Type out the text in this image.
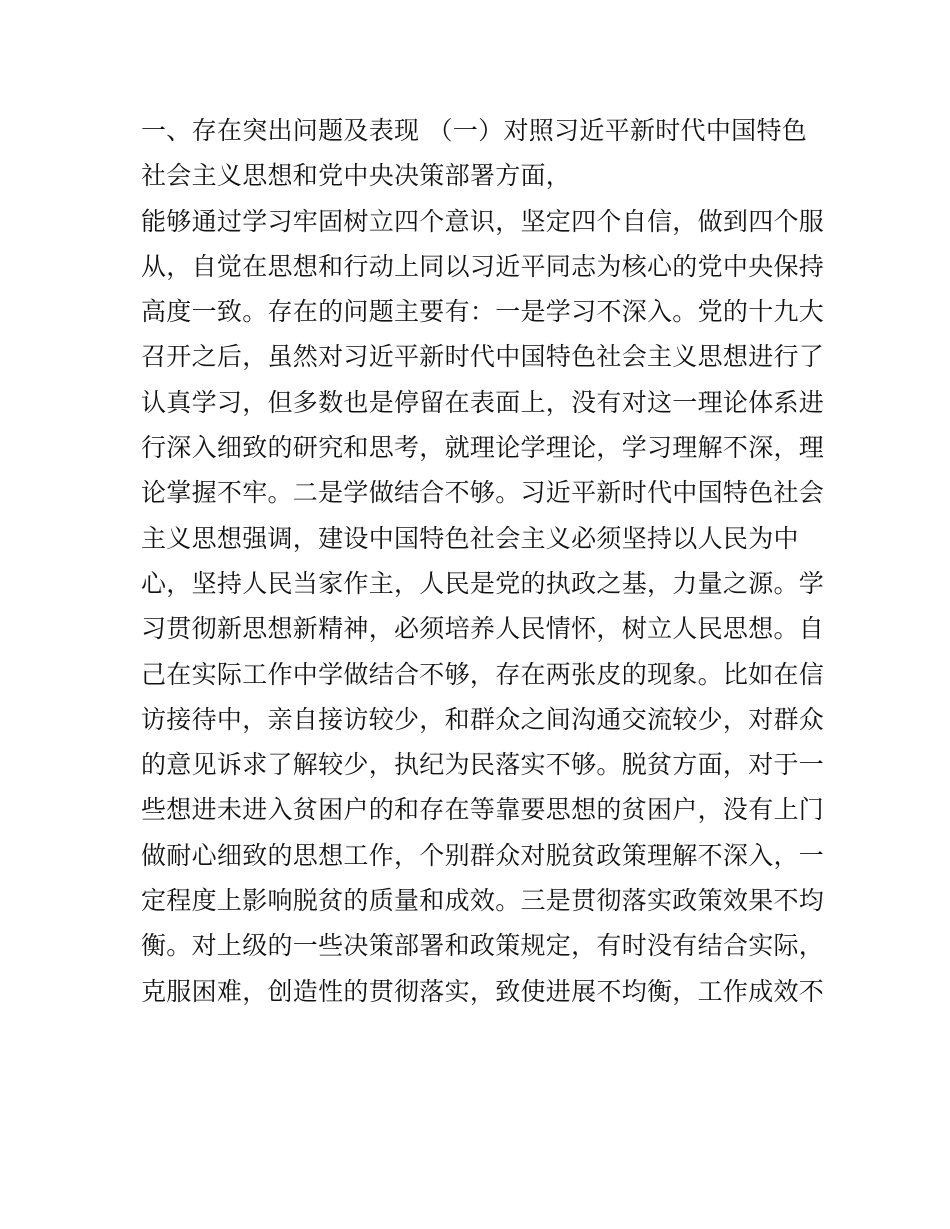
一、存在突出问题及表现 （一）对照习近平新时代中国特色
社会主义思想和党中央决策部署方面，
能够通过学习牢固树立四个意识，坚定四个自信，做到四个服
从，自觉在思想和行动上同以习近平同志为核心的党中央保持
高度一致。存在的问题主要有：一是学习不深入。党的十九大
召开之后，虽然对习近平新时代中国特色社会主义思想进行了
认真学习，但多数也是停留在表面上，没有对这一理论体系进
行深入细致的研究和思考，就理论学理论，学习理解不深，理
论掌握不牢。二是学做结合不够。习近平新时代中国特色社会
主义思想强调，建设中国特色社会主义必须坚持以人民为中
心，坚持人民当家作主，人民是党的执政之基，力量之源。学
习贯彻新思想新精神，必须培养人民情怀，树立人民思想。自
己在实际工作中学做结合不够，存在两张皮的现象。比如在信
访接待中，亲自接访较少，和群众之间沟通交流较少，对群众
的意见诉求了解较少，执纪为民落实不够。脱贫方面，对于一
些想进未进入贫困户的和存在等靠要思想的贫困户，没有上门
做耐心细致的思想工作，个别群众对脱贫政策理解不深入，一
定程度上影响脱贫的质量和成效。三是贯彻落实政策效果不均
衡。对上级的一些决策部署和政策规定，有时没有结合实际，
克服困难，创造性的贯彻落实，致使进展不均衡，工作成效不
